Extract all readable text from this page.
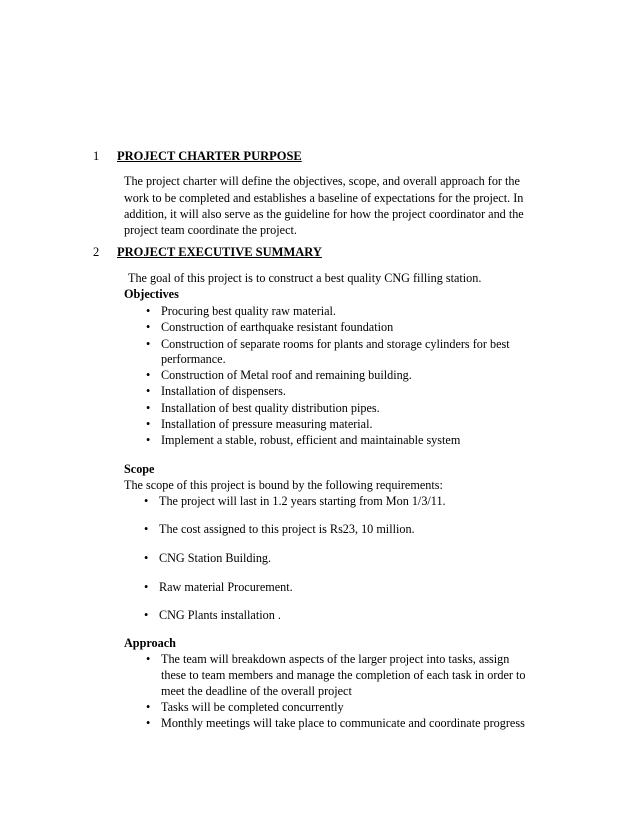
1 PROJECT CHARTER PURPOSE
The project charter will define the objectives, scope, and overall approach for the
work to be completed and establishes a baseline of expectations for the project. In
addition, it will also serve as the guideline for how the project coordinator and the
project team coordinate the project.
2 PROJECT EXECUTIVE SUMMARY
The goal of this project is to construct a best quality CNG filling station.
Objectives
• Procuring best quality raw material.
• Construction of earthquake resistant foundation
• Construction of separate rooms for plants and storage cylinders for best
performance.
• Construction of Metal roof and remaining building.
• Installation of dispensers.
• Installation of best quality distribution pipes.
• Installation of pressure measuring material.
• Implement a stable, robust, efficient and maintainable system
Scope
The scope of this project is bound by the following requirements:
• The project will last in 1.2 years starting from Mon 1/3/11.
• The cost assigned to this project is Rs23, 10 million.
• CNG Station Building.
• Raw material Procurement.
• CNG Plants installation .
Approach
• The team will breakdown aspects of the larger project into tasks, assign
these to team members and manage the completion of each task in order to
meet the deadline of the overall project
• Tasks will be completed concurrently
• Monthly meetings will take place to communicate and coordinate progress
